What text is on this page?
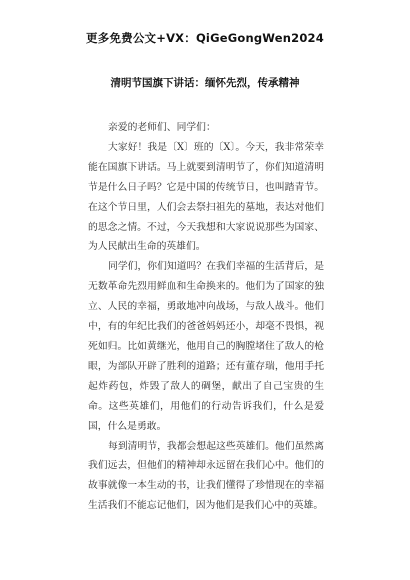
更多免费公文+VX：QiGeGongWen2024
清明节国旗下讲话：缅怀先烈，传承精神

亲爱的老师们、同学们：

大家好！我是〔X〕班的〔X〕。今天，我非常荣幸能在国旗下讲话。马上就要到清明节了，你们知道清明节是什么日子吗？它是中国的传统节日，也叫踏青节。在这个节日里，人们会去祭扫祖先的墓地，表达对他们的思念之情。不过，今天我想和大家说说那些为国家、为人民献出生命的英雄们。

同学们，你们知道吗？在我们幸福的生活背后，是无数革命先烈用鲜血和生命换来的。他们为了国家的独立、人民的幸福，勇敢地冲向战场，与敌人战斗。他们中，有的年纪比我们的爸爸妈妈还小，却毫不畏惧，视死如归。比如黄继光，他用自己的胸膛堵住了敌人的枪眼，为部队开辟了胜利的道路；还有董存瑞，他用手托起炸药包，炸毁了敌人的碉堡，献出了自己宝贵的生命。这些英雄们，用他们的行动告诉我们，什么是爱国，什么是勇敢。

每到清明节，我都会想起这些英雄们。他们虽然离我们远去，但他们的精神却永远留在我们心中。他们的故事就像一本生动的书，让我们懂得了珍惜现在的幸福生活我们不能忘记他们，因为他们是我们心中的英雄。
